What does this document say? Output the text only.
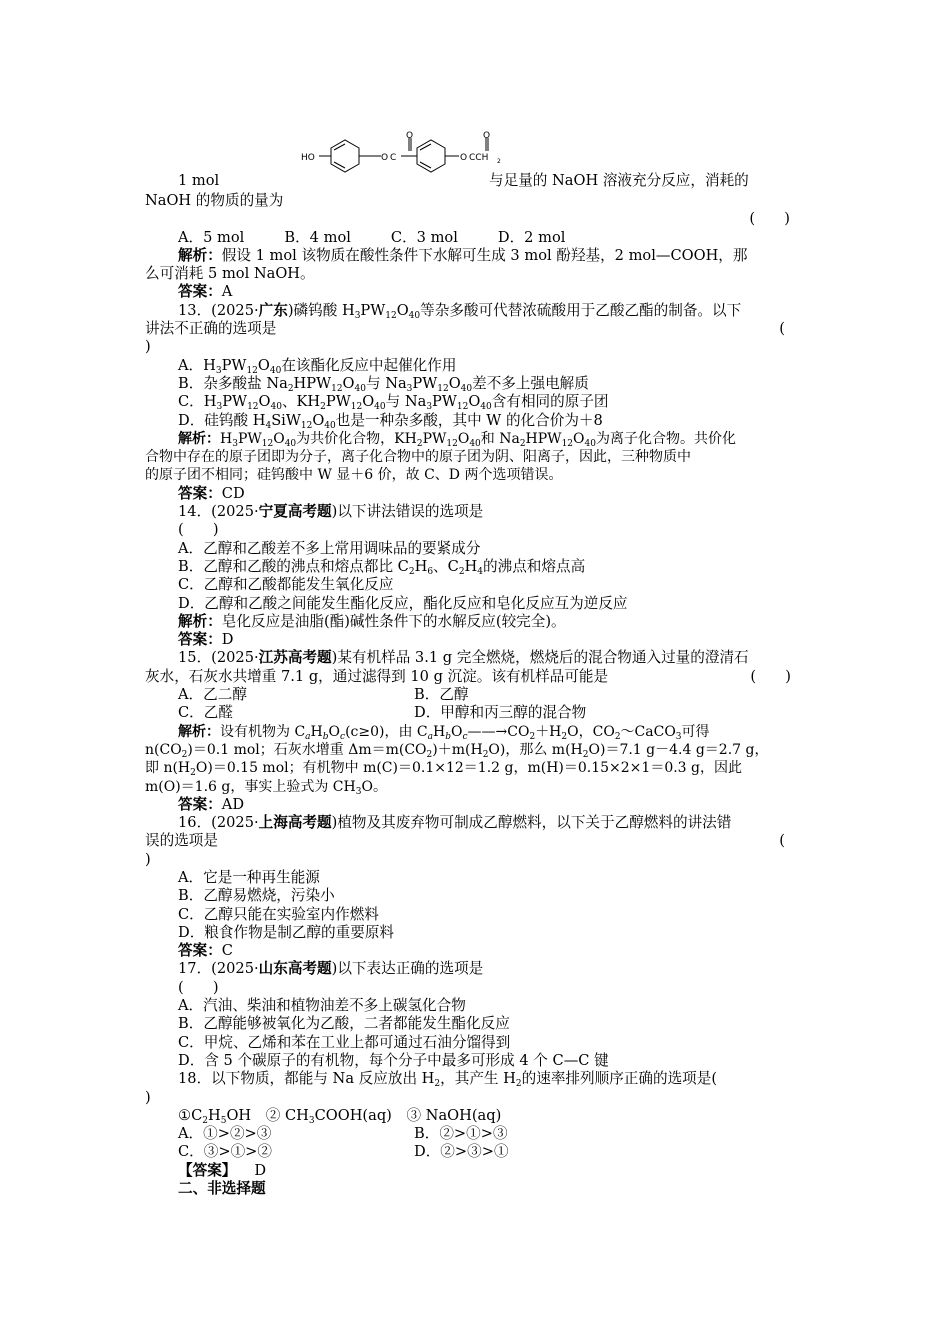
HO
O
O C
O
O CCH 2
1 mol	与足量的 NaOH 溶液充分反应，消耗的
NaOH 的物质的量为
(　　)
A．5 mol	B．4 mol	C．3 mol	D．2 mol
解析：假设 1 mol 该物质在酸性条件下水解可生成 3 mol 酚羟基，2 mol—COOH，那
么可消耗 5 mol NaOH。
答案：A
13．(2025·广东)磷钨酸 $H_3PW_{12}O_{40}$等杂多酸可代替浓硫酸用于乙酸乙酯的制备。以下
讲法不正确的选项是	(
)
A．$H_3PW_{12}O_{40}$在该酯化反应中起催化作用
B．杂多酸盐 $Na_2HPW_{12}O_{40}$与 $Na_3PW_{12}O_{40}$差不多上强电解质
C．$H_3PW_{12}O_{40}$、$KH_2PW_{12}O_{40}$与 $Na_3PW_{12}O_{40}$含有相同的原子团
D．硅钨酸 $H_4SiW_{12}O_{40}$也是一种杂多酸，其中 W 的化合价为＋8
解析：$H_3PW_{12}O_{40}$为共价化合物，$KH_2PW_{12}O_{40}$和 $Na_2HPW_{12}O_{40}$为离子化合物。共价化
合物中存在的原子团即为分子，离子化合物中的原子团为阴、阳离子，因此，三种物质中
的原子团不相同；硅钨酸中 W 显＋6 价，故 C、D 两个选项错误。
答案：CD
14．(2025·宁夏高考题)以下讲法错误的选项是
(　　)
A．乙醇和乙酸差不多上常用调味品的要紧成分
B．乙醇和乙酸的沸点和熔点都比 $C_2H_6$、$C_2H_4$的沸点和熔点高
C．乙醇和乙酸都能发生氧化反应
D．乙醇和乙酸之间能发生酯化反应，酯化反应和皂化反应互为逆反应
解析：皂化反应是油脂(酯)碱性条件下的水解反应(较完全)。
答案：D
15．(2025·江苏高考题)某有机样品 3.1 g 完全燃烧，燃烧后的混合物通入过量的澄清石
灰水，石灰水共增重 7.1 g，通过滤得到 10 g 沉淀。该有机样品可能是	(　　)
A．乙二醇	B．乙醇
C．乙醛	D．甲醇和丙三醇的混合物
解析：设有机物为 $C_aH_bO_c(c\ge 0)$，由 $C_aH_bO_c——\to CO_2+H_2O$，$CO_2\sim CaCO_3$可得
$n(CO_2)=0.1$ mol；石灰水增重 $\Delta m=m(CO_2)+m(H_2O)$，那么 $m(H_2O)=7.1$ g－4.4 g＝2.7 g，
即 $n(H_2O)=0.15$ mol；有机物中 m(C)＝0.1×12＝1.2 g，m(H)＝0.15×2×1＝0.3 g，因此
m(O)＝1.6 g，事实上验式为 $CH_3O$。
答案：AD
16．(2025·上海高考题)植物及其废弃物可制成乙醇燃料，以下关于乙醇燃料的讲法错
误的选项是	(
)
A．它是一种再生能源
B．乙醇易燃烧，污染小
C．乙醇只能在实验室内作燃料
D．粮食作物是制乙醇的重要原料
答案：C
17．(2025·山东高考题)以下表达正确的选项是
(　　)
A．汽油、柴油和植物油差不多上碳氢化合物
B．乙醇能够被氧化为乙酸，二者都能发生酯化反应
C．甲烷、乙烯和苯在工业上都可通过石油分馏得到
D．含 5 个碳原子的有机物，每个分子中最多可形成 4 个 C—C 键
18．以下物质，都能与 Na 反应放出 $H_2$，其产生 $H_2$的速率排列顺序正确的选项是(
)
$①C_2H_5OH$　② $CH_3COOH(aq)$　③ NaOH(aq)
A．①>②>③	B．②>①>③
C．③>①>②	D．②>③>①
【答案】 D
二、非选择题
